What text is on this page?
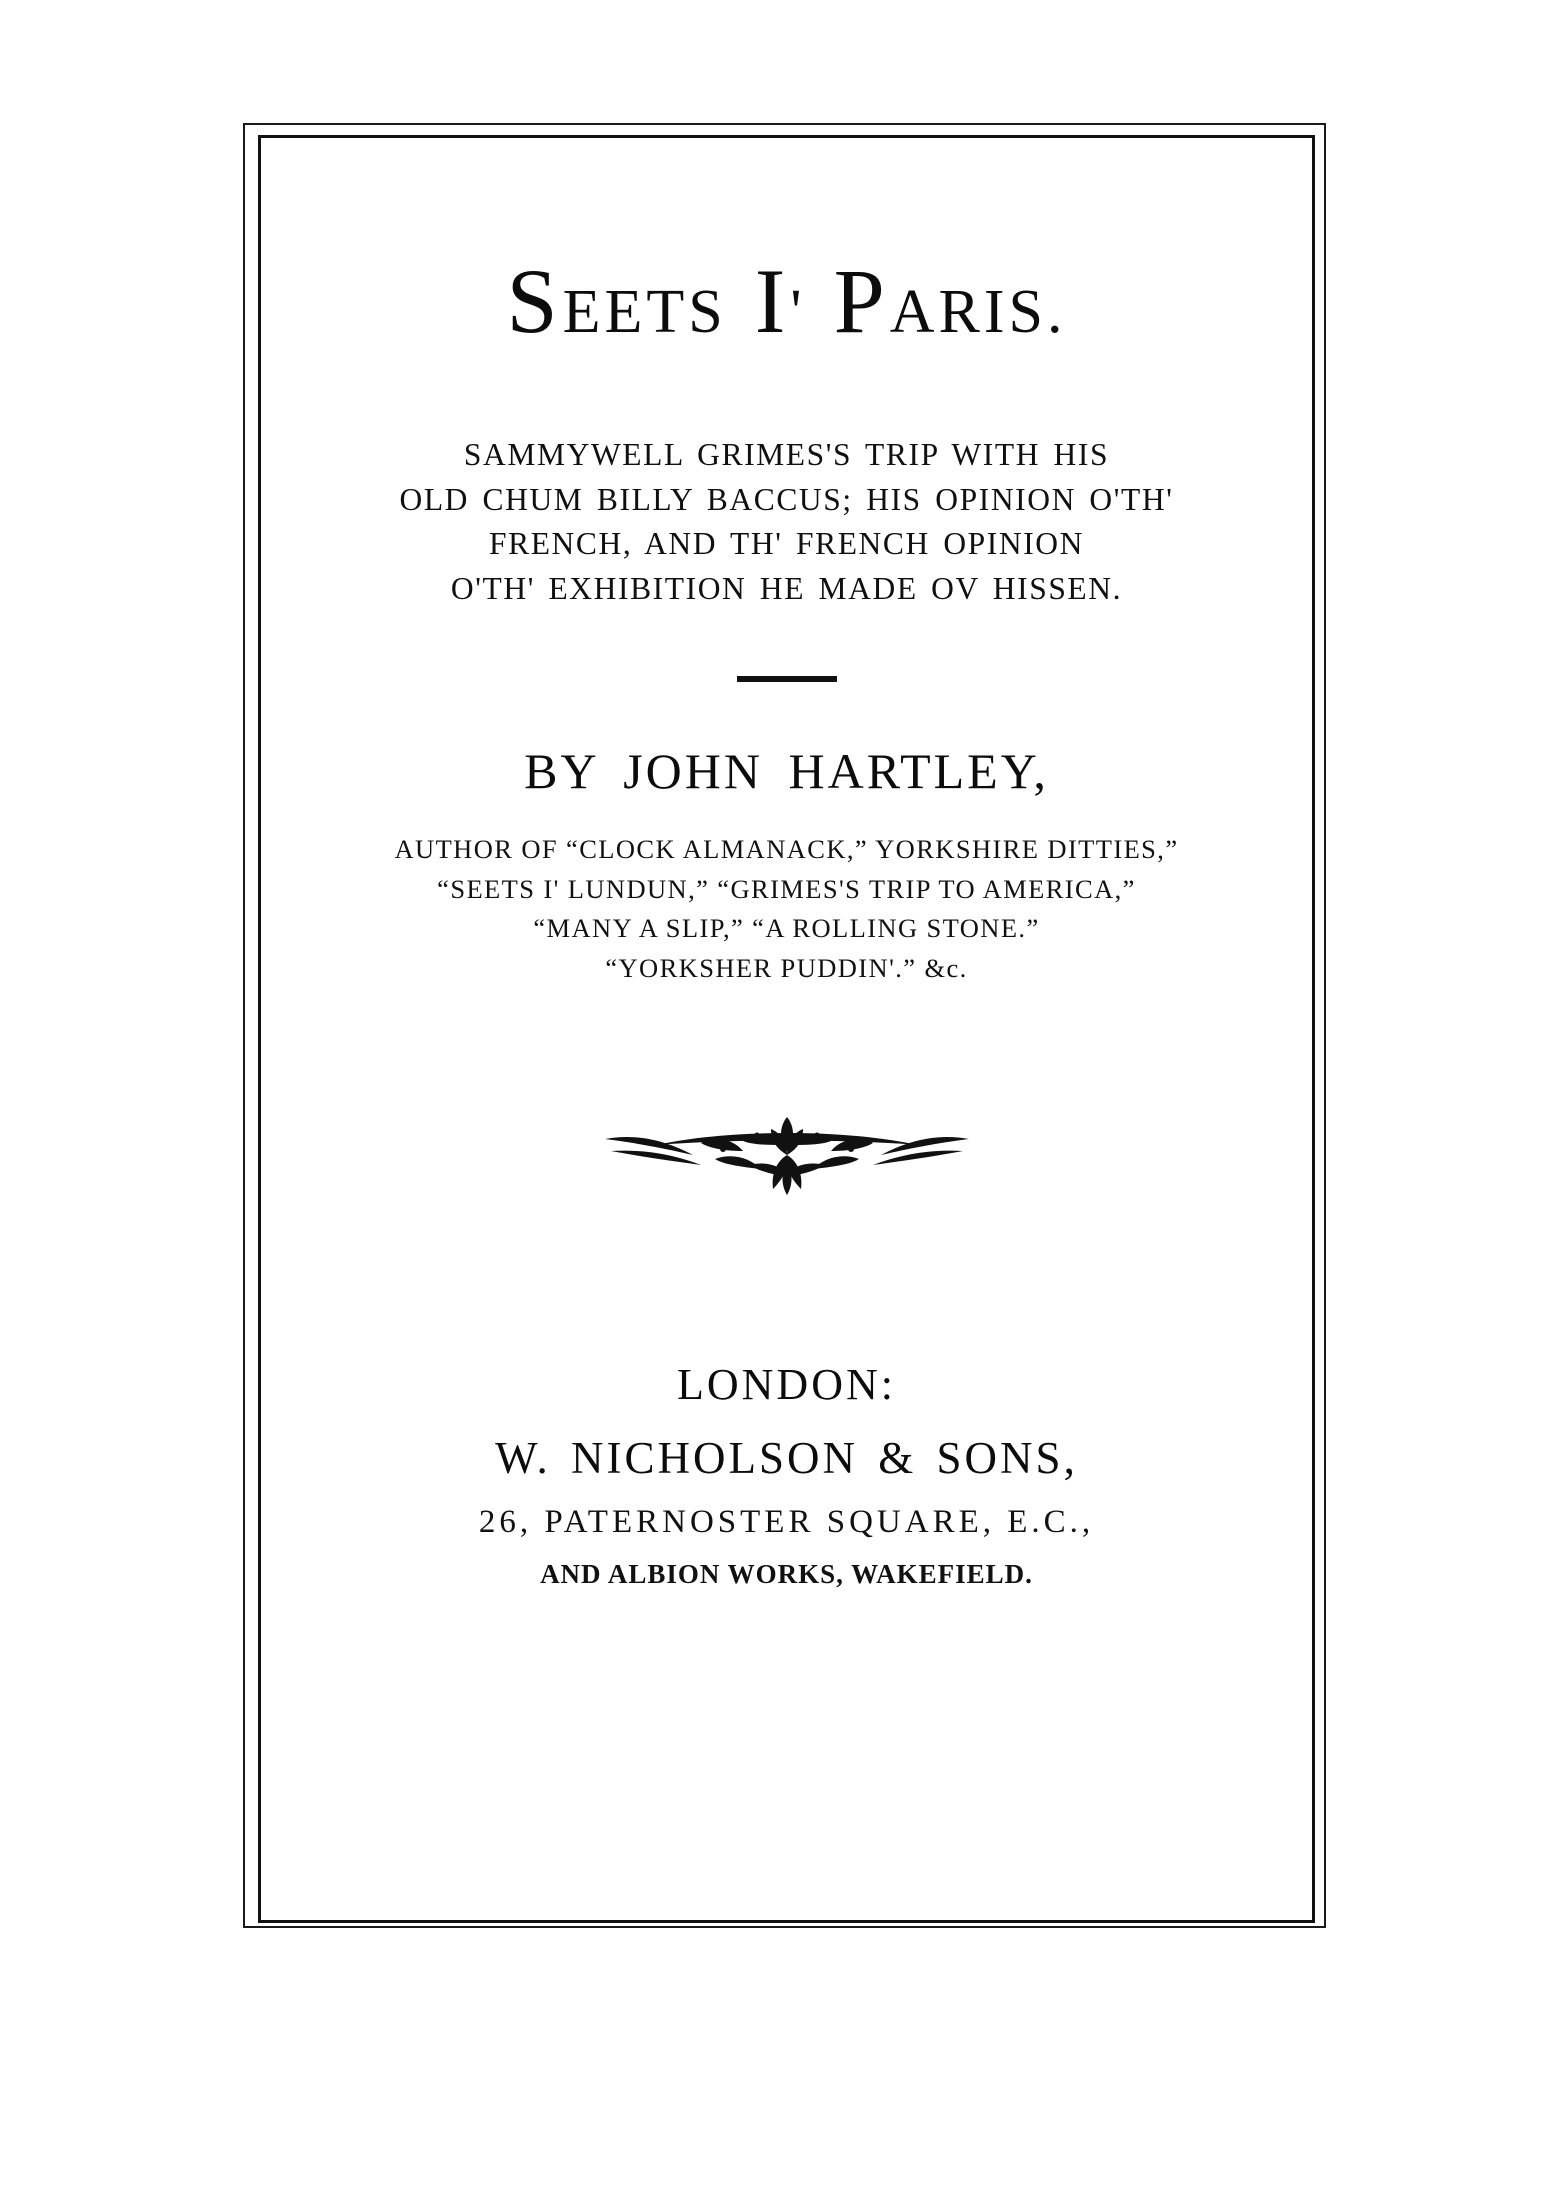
SEETS I' PARIS.
SAMMYWELL GRIMES'S TRIP WITH HIS
OLD CHUM BILLY BACCUS; HIS OPINION O'TH'
FRENCH, AND TH' FRENCH OPINION
O'TH' EXHIBITION HE MADE OV HISSEN.
BY JOHN HARTLEY,
AUTHOR OF “CLOCK ALMANACK,” YORKSHIRE DITTIES,”
“SEETS I' LUNDUN,” “GRIMES'S TRIP TO AMERICA,”
“MANY A SLIP,” “A ROLLING STONE.”
“YORKSHER PUDDIN'.” &c.
LONDON:
W. NICHOLSON & SONS,
26, PATERNOSTER SQUARE, E.C.,
AND ALBION WORKS, WAKEFIELD.
